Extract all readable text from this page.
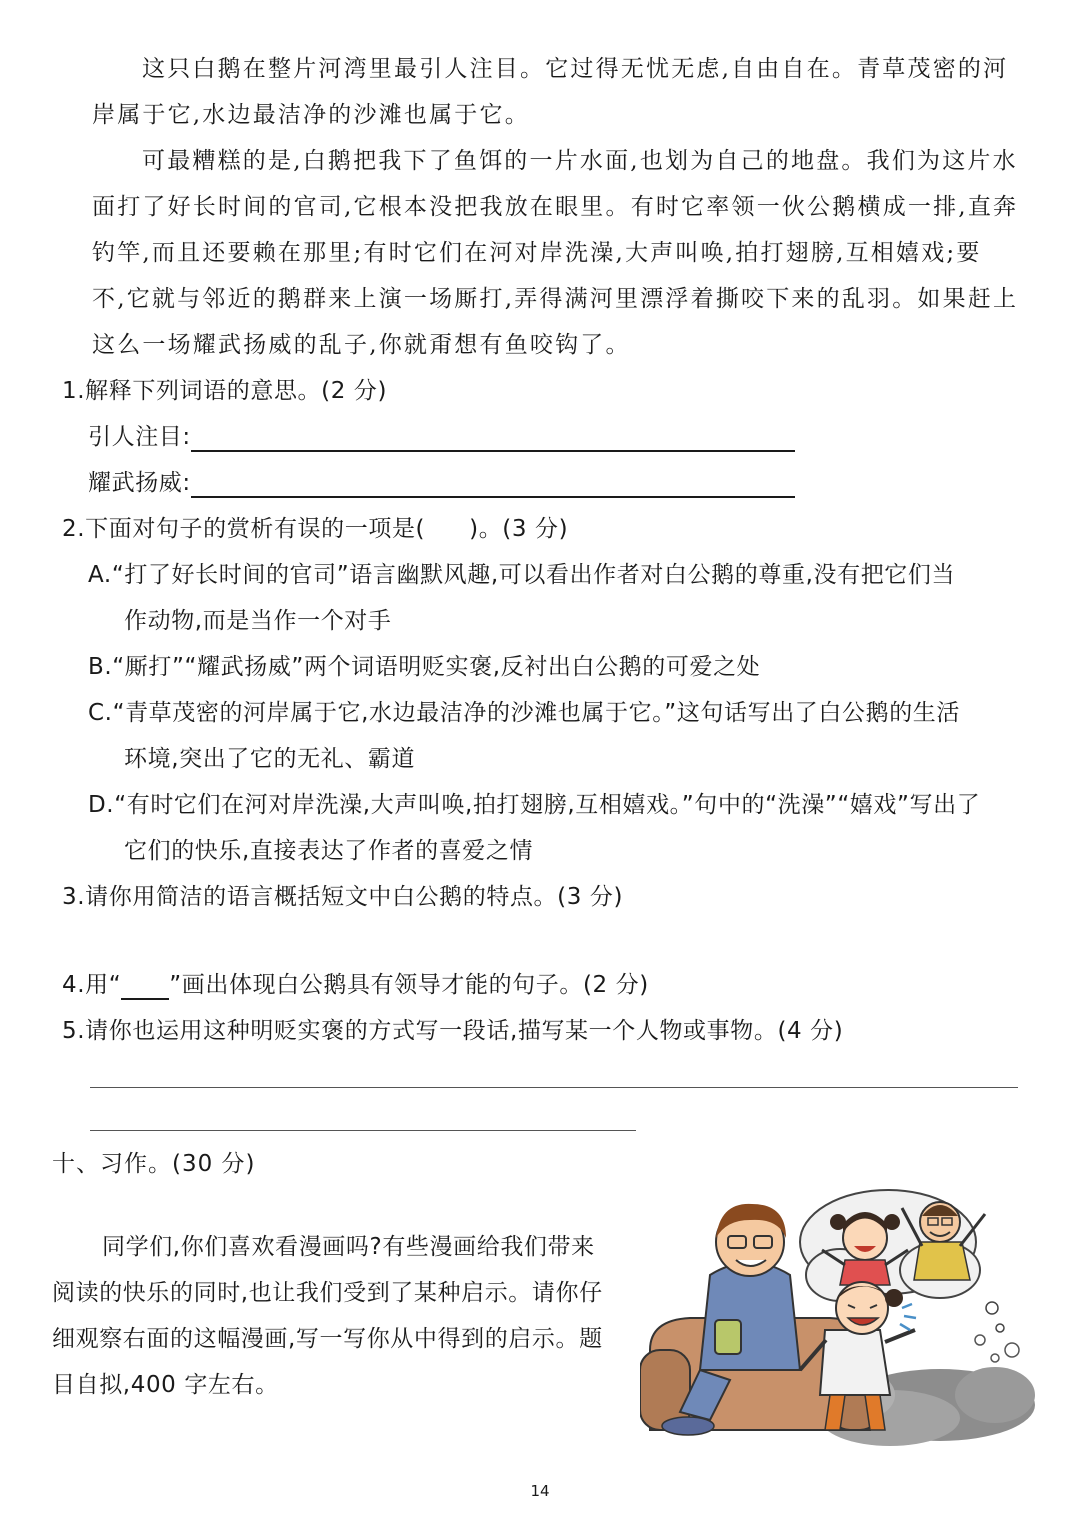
这只白鹅在整片河湾里最引人注目。它过得无忧无虑,自由自在。青草茂密的河
岸属于它,水边最洁净的沙滩也属于它。
可最糟糕的是,白鹅把我下了鱼饵的一片水面,也划为自己的地盘。我们为这片水
面打了好长时间的官司,它根本没把我放在眼里。有时它率领一伙公鹅横成一排,直奔
钓竿,而且还要赖在那里;有时它们在河对岸洗澡,大声叫唤,拍打翅膀,互相嬉戏;要
不,它就与邻近的鹅群来上演一场厮打,弄得满河里漂浮着撕咬下来的乱羽。如果赶上
这么一场耀武扬威的乱子,你就甭想有鱼咬钩了。
1.解释下列词语的意思。(2 分)
引人注目:
耀武扬威:
2.下面对句子的赏析有误的一项是( )。(3 分)
A.“打了好长时间的官司”语言幽默风趣,可以看出作者对白公鹅的尊重,没有把它们当
作动物,而是当作一个对手
B.“厮打”“耀武扬威”两个词语明贬实褒,反衬出白公鹅的可爱之处
C.“青草茂密的河岸属于它,水边最洁净的沙滩也属于它。”这句话写出了白公鹅的生活
环境,突出了它的无礼、霸道
D.“有时它们在河对岸洗澡,大声叫唤,拍打翅膀,互相嬉戏。”句中的“洗澡”“嬉戏”写出了
它们的快乐,直接表达了作者的喜爱之情
3.请你用简洁的语言概括短文中白公鹅的特点。(3 分)
4.用“ ”画出体现白公鹅具有领导才能的句子。(2 分)
5.请你也运用这种明贬实褒的方式写一段话,描写某一个人物或事物。(4 分)
十、习作。(30 分)
同学们,你们喜欢看漫画吗?有些漫画给我们带来
阅读的快乐的同时,也让我们受到了某种启示。请你仔
细观察右面的这幅漫画,写一写你从中得到的启示。题
目自拟,400 字左右。
14
